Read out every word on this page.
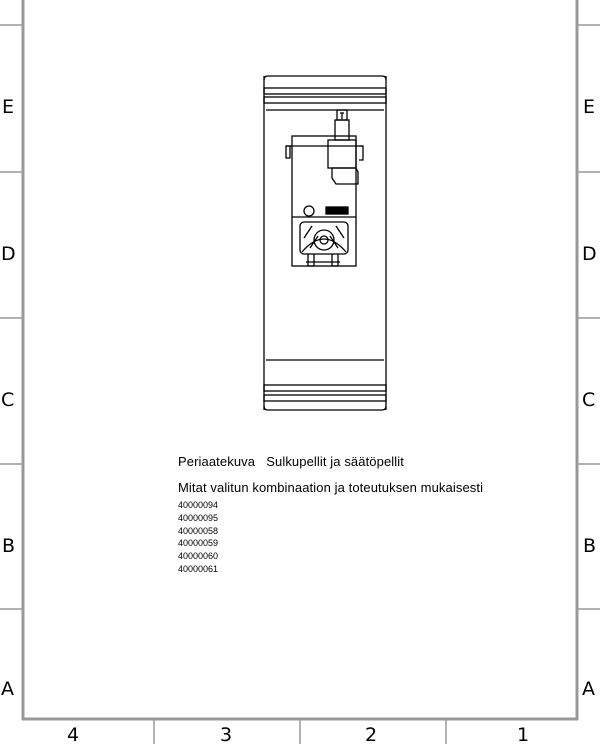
E
D
C
B
A
E
D
C
B
A
4	3	2	1
Periaatekuva Sulkupellit ja säätöpellit
Mitat valitun kombinaation ja toteutuksen mukaisesti
40000094
40000095
40000058
40000059
40000060
40000061
